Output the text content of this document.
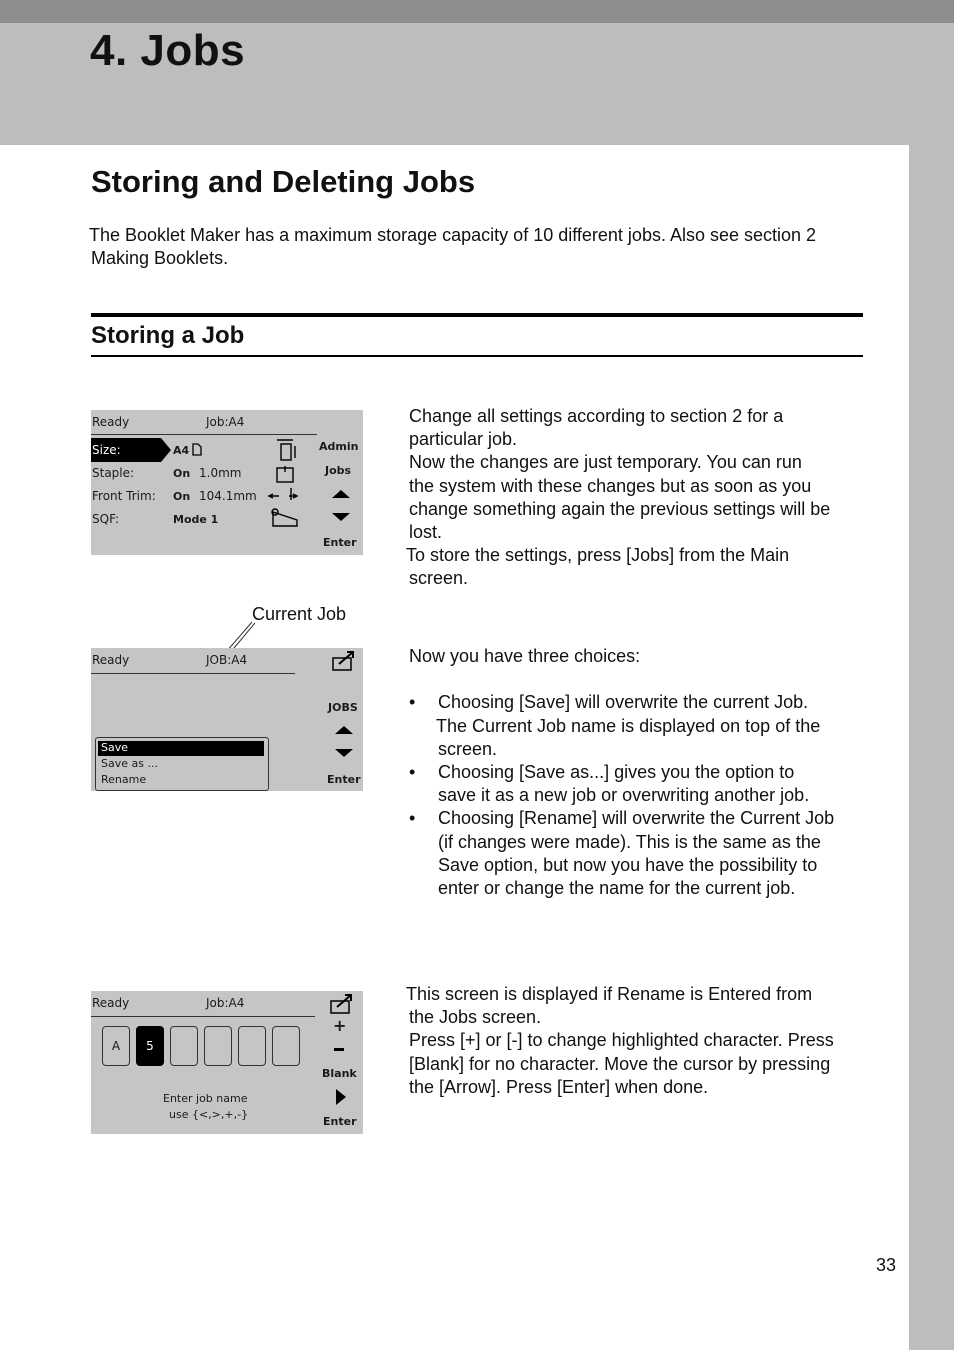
4. Jobs
Storing and Deleting Jobs
The Booklet Maker has a maximum storage capacity of 10 different jobs. Also see section 2
Making Booklets.
Storing a Job
Ready	Job:A4
Size:	A4
Staple:	On 1.0mm
Front Trim: On 104.1mm
SQF:	Mode 1
Admin
Jobs
Enter
Current Job
Ready	JOB:A4
JOBS
Enter
Save
Save as ...
Rename
Ready	Job:A4
A	5
Enter job name
use {<,>,+,-}
+
Blank
Enter
Change all settings according to section 2 for a
particular job.
Now the changes are just temporary. You can run
the system with these changes but as soon as you
change something again the previous settings will be
lost.
To store the settings, press [Jobs] from the Main
screen.
Now you have three choices:

• Choosing [Save] will overwrite the current Job.
The Current Job name is displayed on top of the
screen.
• Choosing [Save as...] gives you the option to
save it as a new job or overwriting another job.
• Choosing [Rename] will overwrite the Current Job
(if changes were made). This is the same as the
Save option, but now you have the possibility to
enter or change the name for the current job.
This screen is displayed if Rename is Entered from
the Jobs screen.
Press [+] or [-] to change highlighted character. Press
[Blank] for no character. Move the cursor by pressing
the [Arrow]. Press [Enter] when done.
33
